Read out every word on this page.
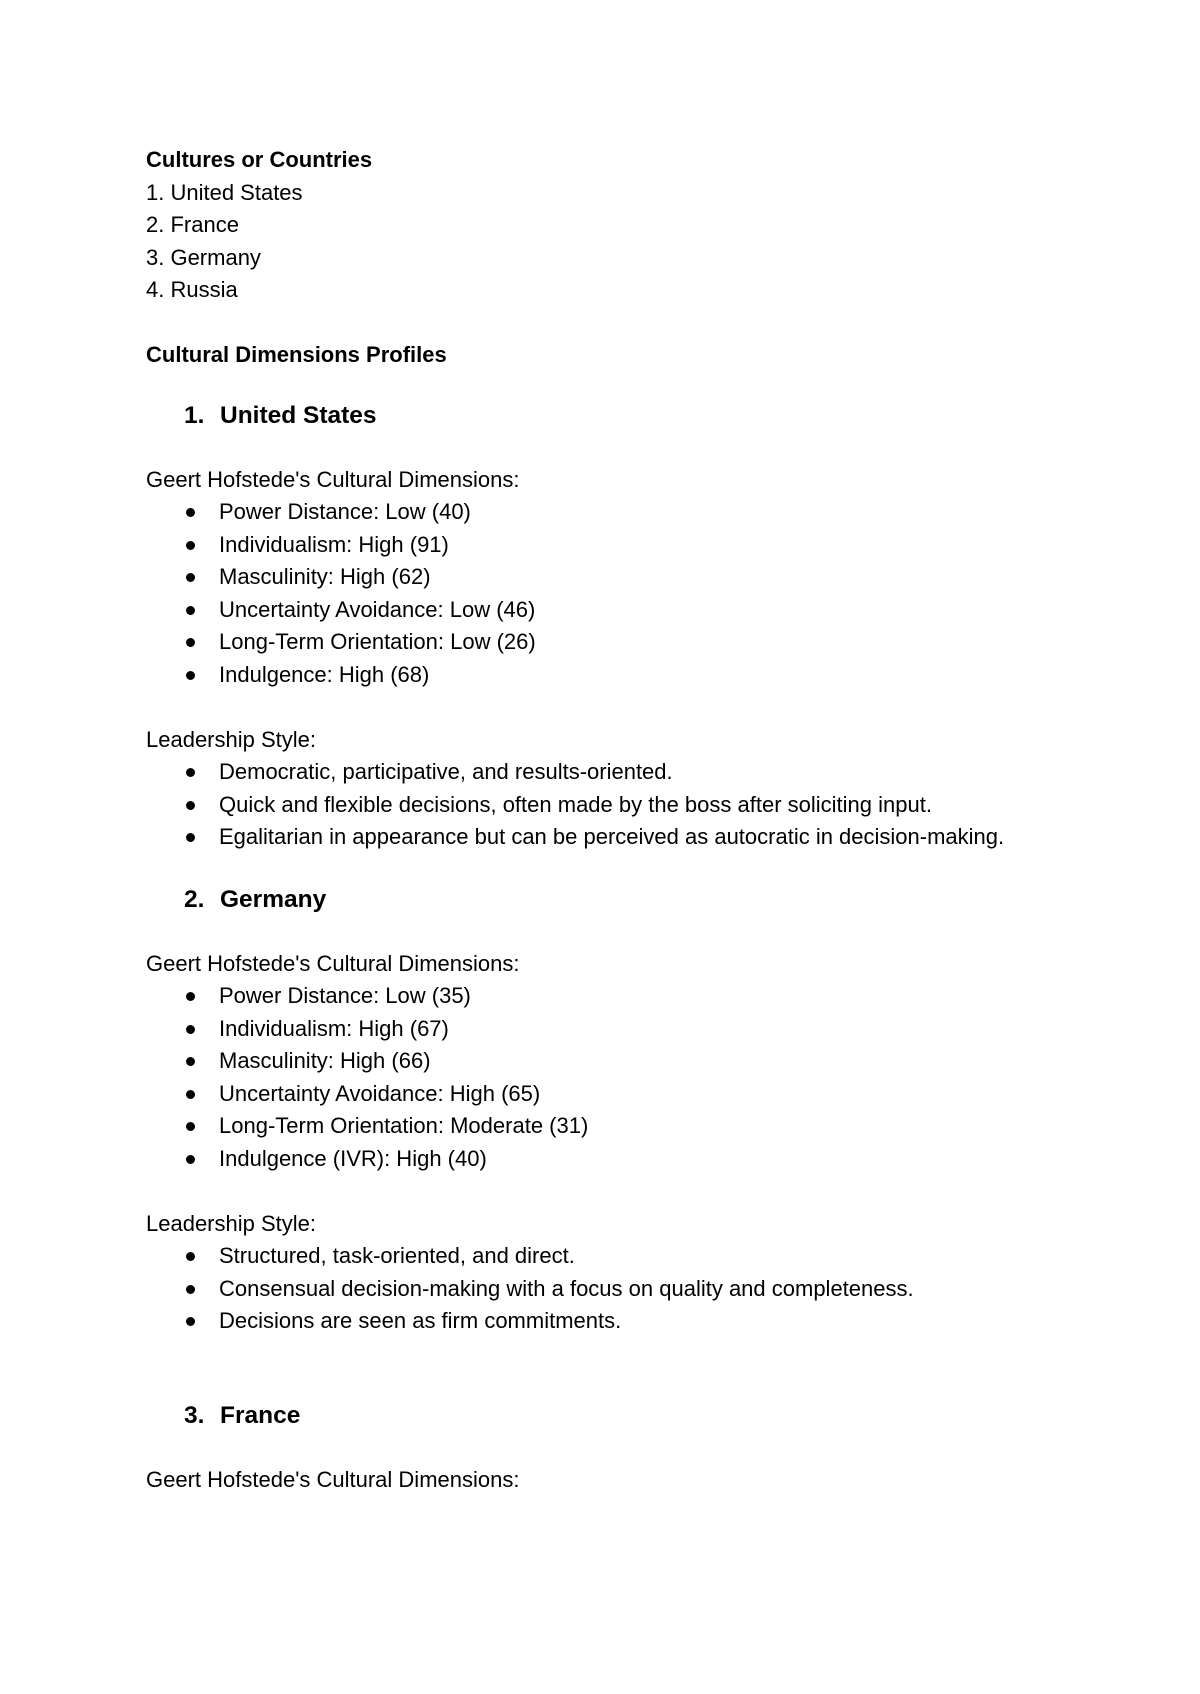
Cultures or Countries

1. United States

2. France

3. Germany

4. Russia

Cultural Dimensions Profiles

1. United States

Geert Hofstede's Cultural Dimensions:

Power Distance: Low (40)
Individualism: High (91)
Masculinity: High (62)
Uncertainty Avoidance: Low (46)
Long-Term Orientation: Low (26)
Indulgence: High (68)

Leadership Style:

Democratic, participative, and results-oriented.
Quick and flexible decisions, often made by the boss after soliciting input.
Egalitarian in appearance but can be perceived as autocratic in decision-making.
2. Germany

Geert Hofstede's Cultural Dimensions:

Power Distance: Low (35)
Individualism: High (67)
Masculinity: High (66)
Uncertainty Avoidance: High (65)
Long-Term Orientation: Moderate (31)
Indulgence (IVR): High (40)

Leadership Style:

Structured, task-oriented, and direct.
Consensual decision-making with a focus on quality and completeness.
Decisions are seen as firm commitments.
3. France

Geert Hofstede's Cultural Dimensions:
